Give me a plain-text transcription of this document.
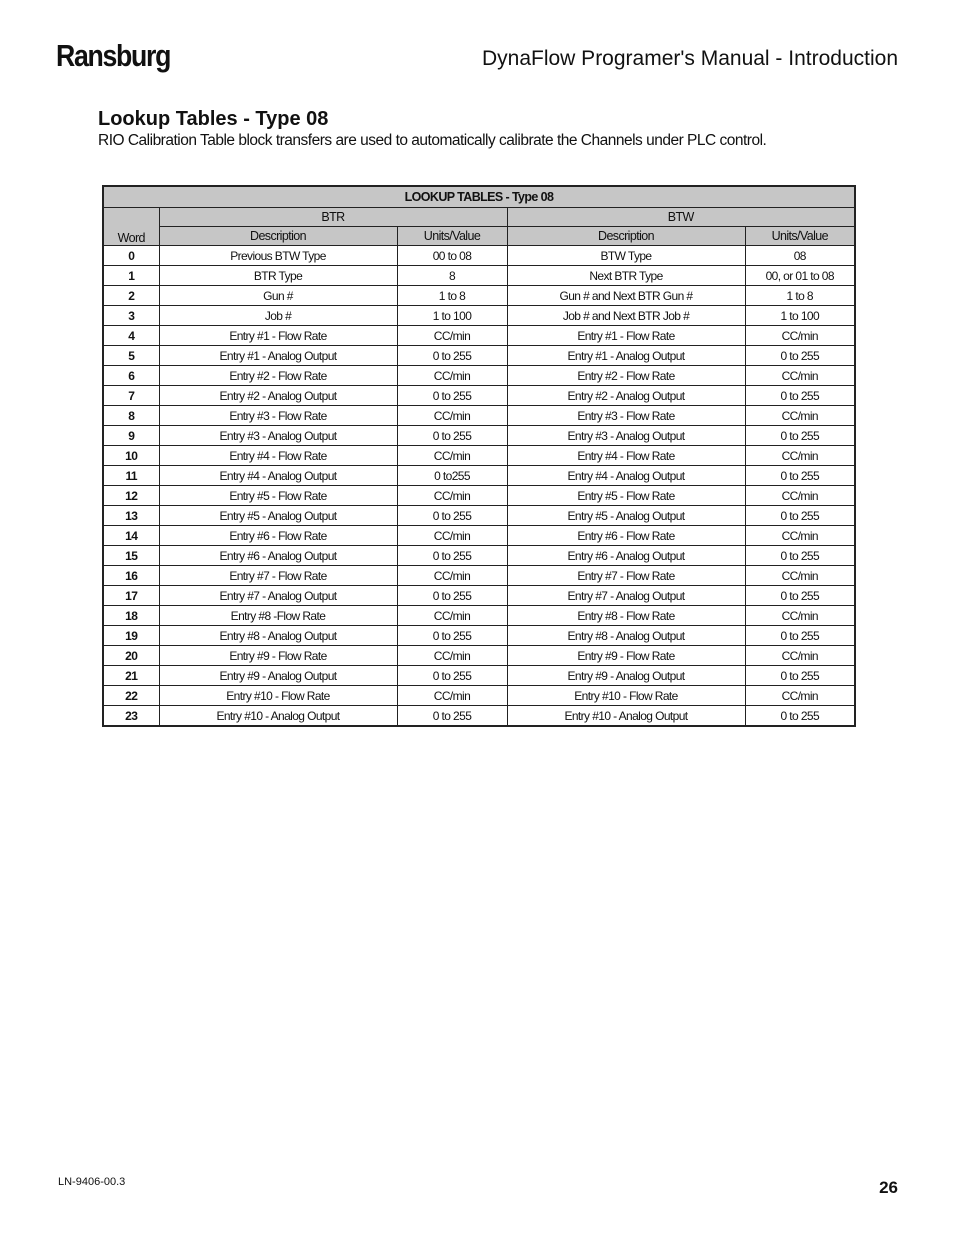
Ransburg	DynaFlow Programer's Manual - Introduction
Lookup Tables - Type 08
RIO Calibration Table block transfers are used to automatically calibrate the Channels under PLC control.
LOOKUP TABLES - Type 08				
Word	BTR		BTW	
	Description	Units/Value	Description	Units/Value
0	Previous BTW Type	00 to 08	BTW Type	08
1	BTR Type	8	Next BTR Type	00, or 01 to 08
2	Gun #	1 to 8	Gun # and Next BTR Gun #	1 to 8
3	Job #	1 to 100	Job # and Next BTR Job #	1 to 100
4	Entry #1 - Flow Rate	CC/min	Entry #1 - Flow Rate	CC/min
5	Entry #1 - Analog Output	0 to 255	Entry #1 - Analog Output	0 to 255
6	Entry #2 - Flow Rate	CC/min	Entry #2 - Flow Rate	CC/min
7	Entry #2 - Analog Output	0 to 255	Entry #2 - Analog Output	0 to 255
8	Entry #3 - Flow Rate	CC/min	Entry #3 - Flow Rate	CC/min
9	Entry #3 - Analog Output	0 to 255	Entry #3 - Analog Output	0 to 255
10	Entry #4 - Flow Rate	CC/min	Entry #4 - Flow Rate	CC/min
11	Entry #4 - Analog Output	0 to255	Entry #4 - Analog Output	0 to 255
12	Entry #5 - Flow Rate	CC/min	Entry #5 - Flow Rate	CC/min
13	Entry #5 - Analog Output	0 to 255	Entry #5 - Analog Output	0 to 255
14	Entry #6 - Flow Rate	CC/min	Entry #6 - Flow Rate	CC/min
15	Entry #6 - Analog Output	0 to 255	Entry #6 - Analog Output	0 to 255
16	Entry #7 - Flow Rate	CC/min	Entry #7 - Flow Rate	CC/min
17	Entry #7 - Analog Output	0 to 255	Entry #7 - Analog Output	0 to 255
18	Entry #8 -Flow Rate	CC/min	Entry #8 - Flow Rate	CC/min
19	Entry #8 - Analog Output	0 to 255	Entry #8 - Analog Output	0 to 255
20	Entry #9 - Flow Rate	CC/min	Entry #9 - Flow Rate	CC/min
21	Entry #9 - Analog Output	0 to 255	Entry #9 - Analog Output	0 to 255
22	Entry #10 - Flow Rate	CC/min	Entry #10 - Flow Rate	CC/min
23	Entry #10 - Analog Output	0 to 255	Entry #10 - Analog Output	0 to 255
LN-9406-00.3	26
